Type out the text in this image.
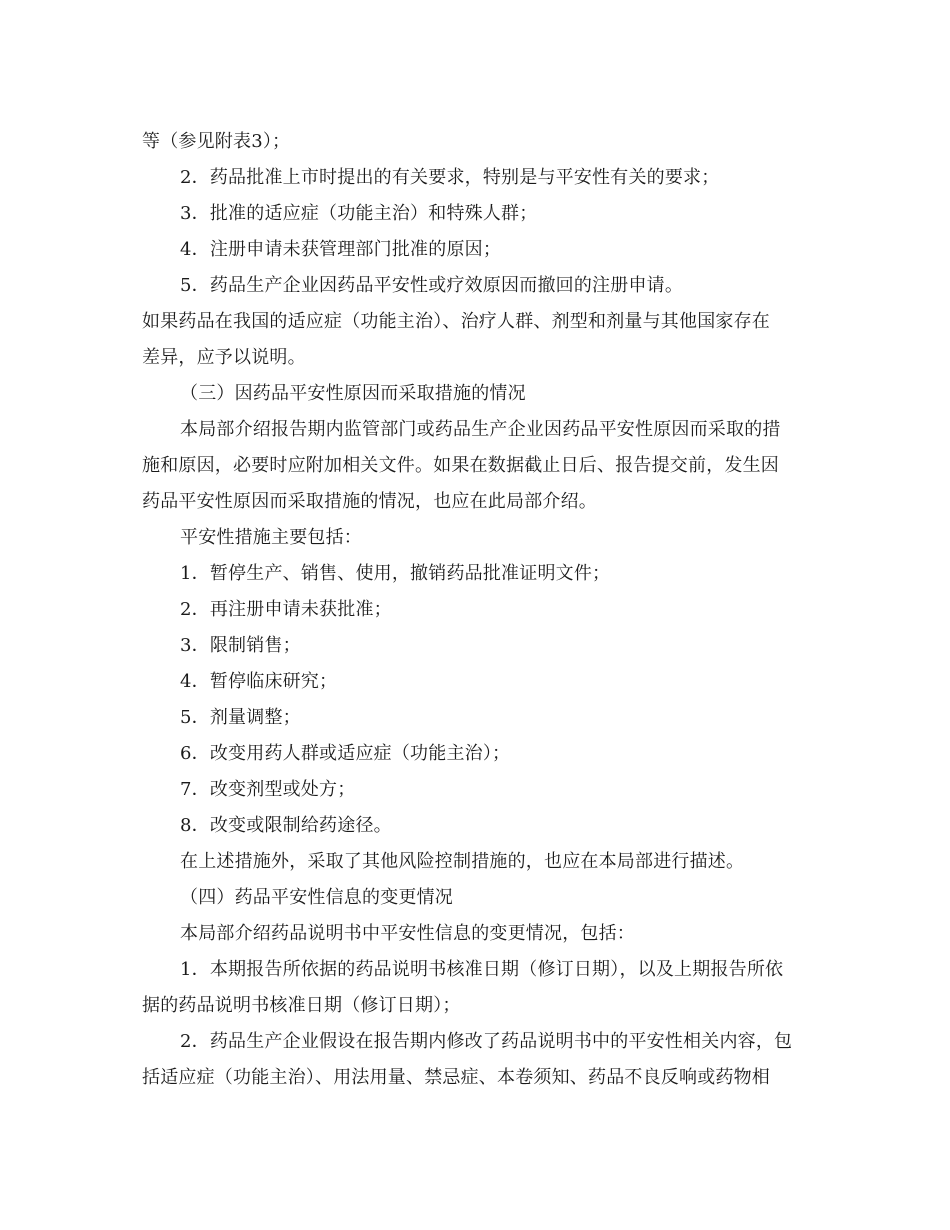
等（参见附表3）；
2．药品批准上市时提出的有关要求，特别是与平安性有关的要求；
3．批准的适应症（功能主治）和特殊人群；
4．注册申请未获管理部门批准的原因；
5．药品生产企业因药品平安性或疗效原因而撤回的注册申请。
如果药品在我国的适应症（功能主治）、治疗人群、剂型和剂量与其他国家存在
差异，应予以说明。
（三）因药品平安性原因而采取措施的情况
本局部介绍报告期内监管部门或药品生产企业因药品平安性原因而采取的措
施和原因，必要时应附加相关文件。如果在数据截止日后、报告提交前，发生因
药品平安性原因而采取措施的情况，也应在此局部介绍。
平安性措施主要包括：
1．暂停生产、销售、使用，撤销药品批准证明文件；
2．再注册申请未获批准；
3．限制销售；
4．暂停临床研究；
5．剂量调整；
6．改变用药人群或适应症（功能主治）；
7．改变剂型或处方；
8．改变或限制给药途径。
在上述措施外，采取了其他风险控制措施的，也应在本局部进行描述。
（四）药品平安性信息的变更情况
本局部介绍药品说明书中平安性信息的变更情况，包括：
1．本期报告所依据的药品说明书核准日期（修订日期），以及上期报告所依
据的药品说明书核准日期（修订日期）；
2．药品生产企业假设在报告期内修改了药品说明书中的平安性相关内容，包
括适应症（功能主治）、用法用量、禁忌症、本卷须知、药品不良反响或药物相
